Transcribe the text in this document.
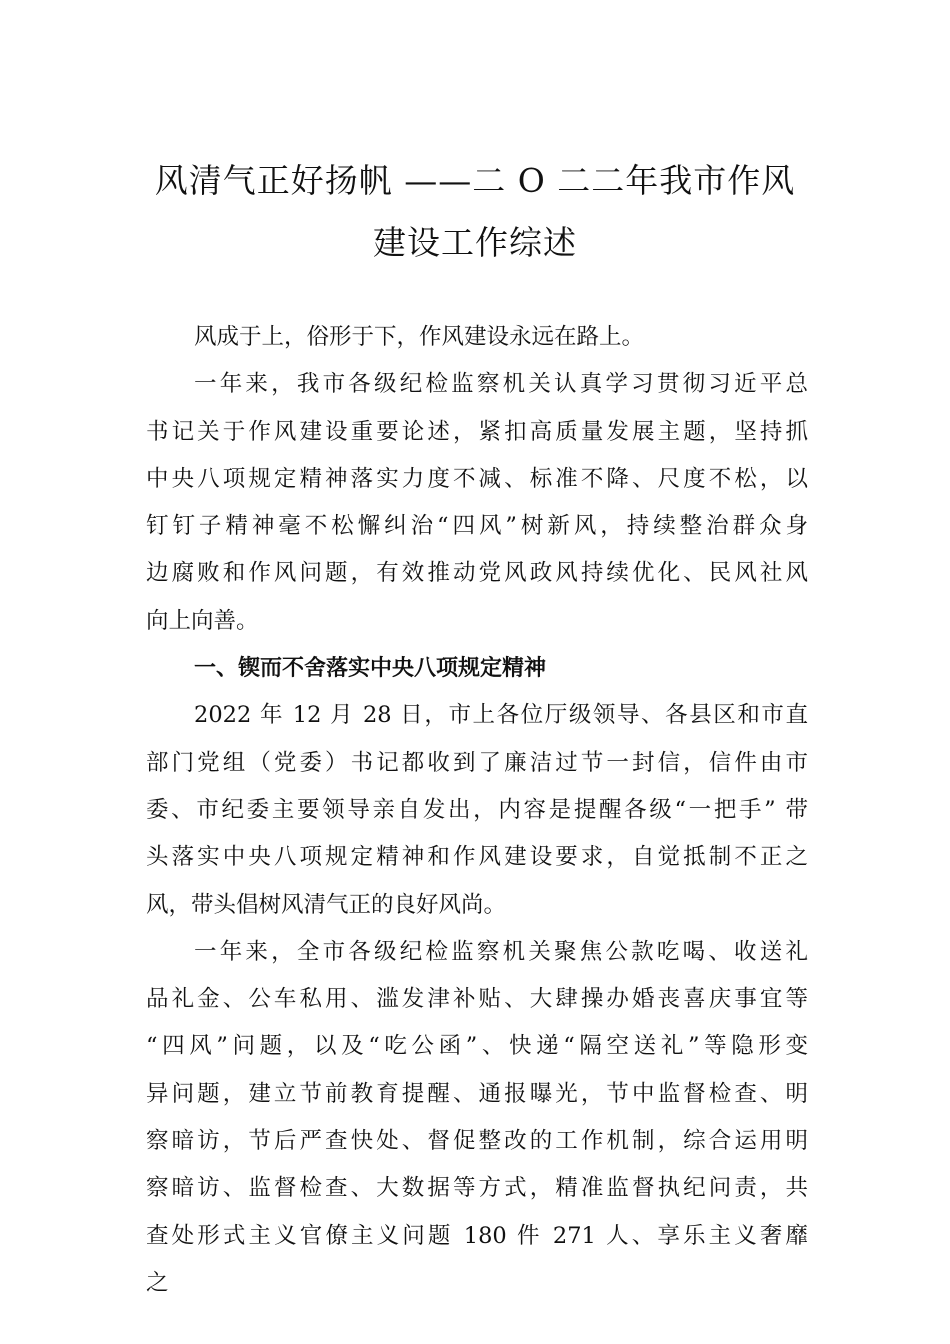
风清气正好扬帆 ——二 O 二二年我市作风
建设工作综述
风成于上，俗形于下，作风建设永远在路上。
一年来，我市各级纪检监察机关认真学习贯彻习近平总
书记关于作风建设重要论述，紧扣高质量发展主题，坚持抓
中央八项规定精神落实力度不减、标准不降、尺度不松，以
钉钉子精神毫不松懈纠治“四风”树新风，持续整治群众身
边腐败和作风问题，有效推动党风政风持续优化、民风社风
向上向善。
一、锲而不舍落实中央八项规定精神
2022 年 12 月 28 日，市上各位厅级领导、各县区和市直
部门党组（党委）书记都收到了廉洁过节一封信，信件由市
委、市纪委主要领导亲自发出，内容是提醒各级“一把手” 带
头落实中央八项规定精神和作风建设要求，自觉抵制不正之
风，带头倡树风清气正的良好风尚。
一年来，全市各级纪检监察机关聚焦公款吃喝、收送礼
品礼金、公车私用、滥发津补贴、大肆操办婚丧喜庆事宜等
“四风”问题，以及“吃公函”、快递“隔空送礼”等隐形变
异问题，建立节前教育提醒、通报曝光，节中监督检查、明
察暗访，节后严查快处、督促整改的工作机制，综合运用明
察暗访、监督检查、大数据等方式，精准监督执纪问责，共
查处形式主义官僚主义问题 180 件 271 人、享乐主义奢靡
之
